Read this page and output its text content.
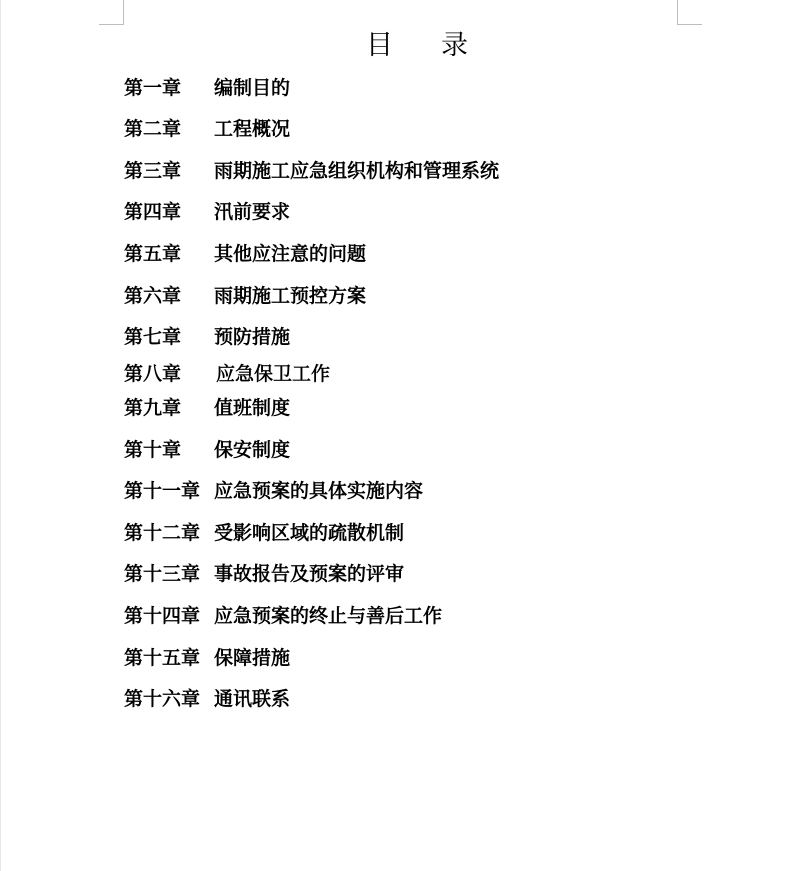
目 录
第一章 编制目的
第二章 工程概况
第三章 雨期施工应急组织机构和管理系统
第四章 汛前要求
第五章 其他应注意的问题
第六章 雨期施工预控方案
第七章 预防措施
第八章 应急保卫工作
第九章 值班制度
第十章 保安制度
第十一章 应急预案的具体实施内容
第十二章 受影响区域的疏散机制
第十三章 事故报告及预案的评审
第十四章 应急预案的终止与善后工作
第十五章 保障措施
第十六章 通讯联系
